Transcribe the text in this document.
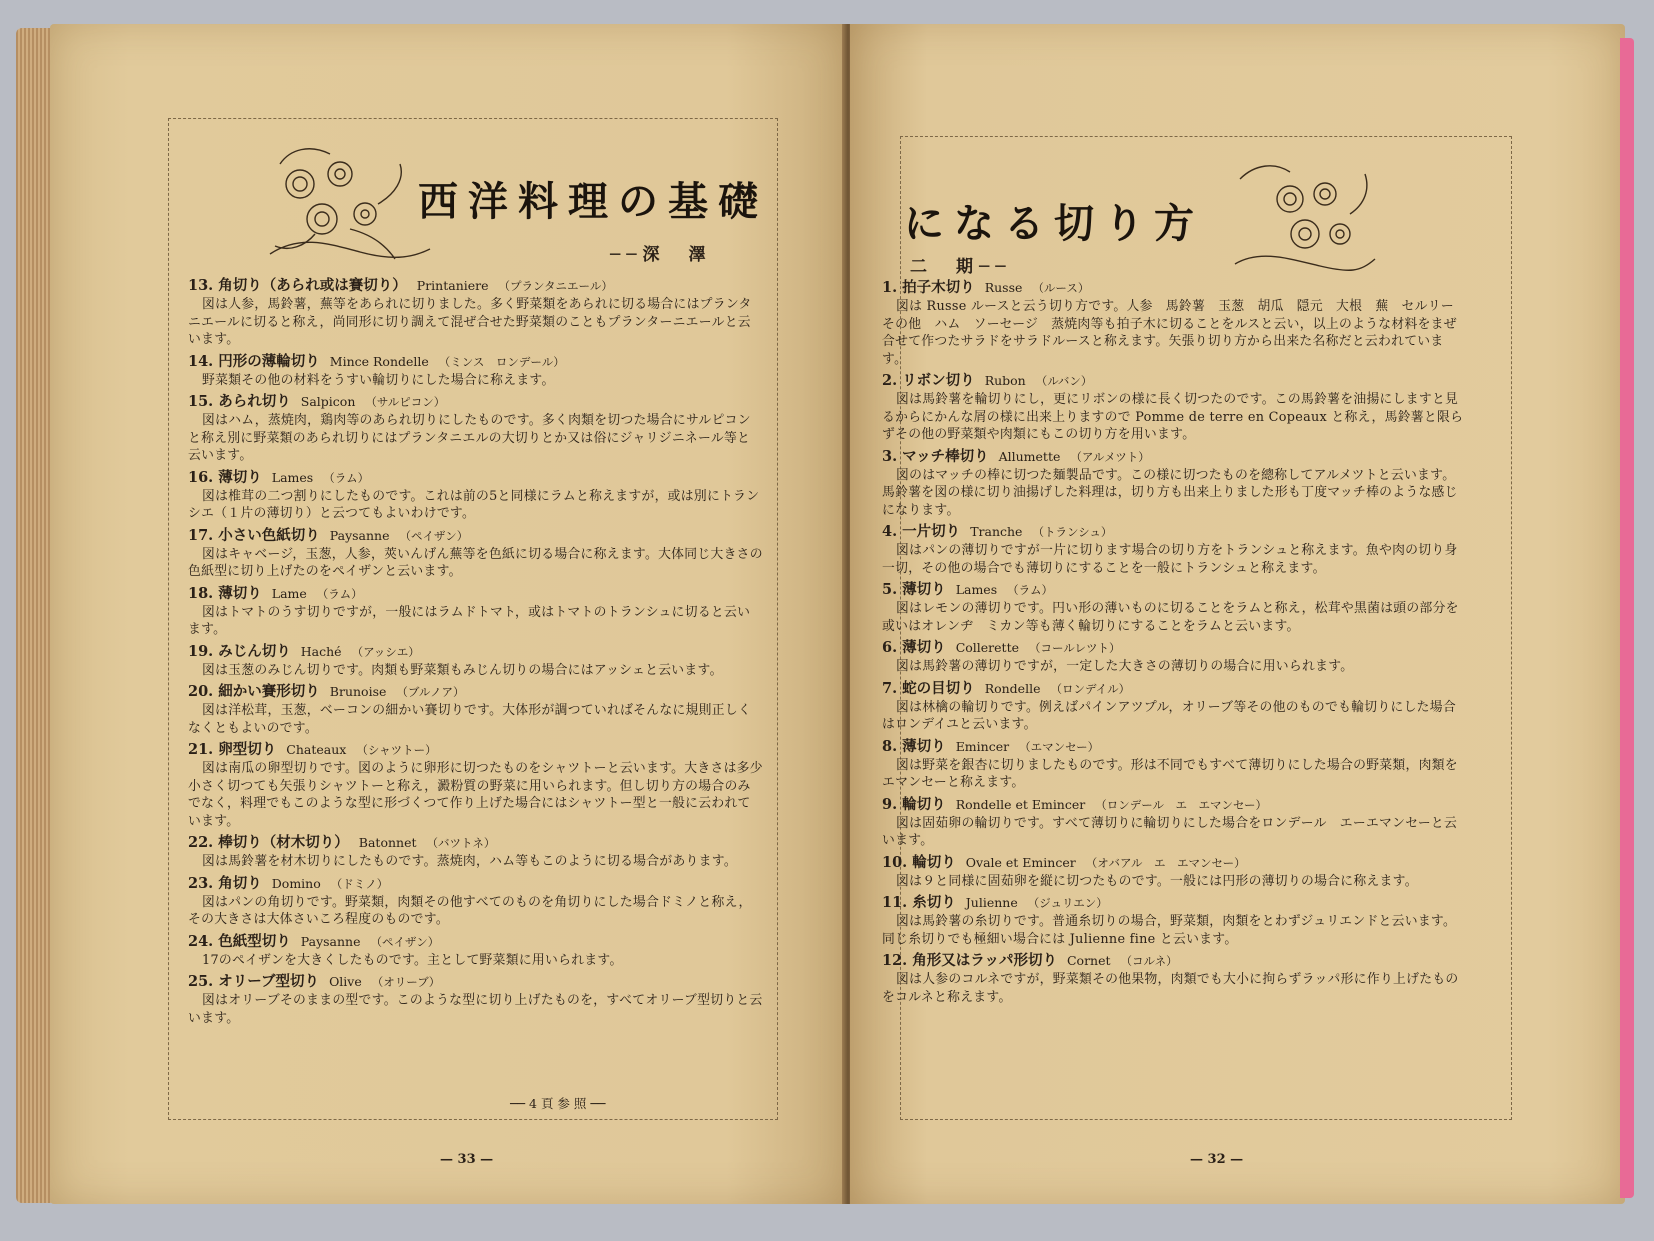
西洋料理の基礎
──深　澤
13. 角切り（あられ或は賽切り） Printaniere （プランタニエール）
図は人参，馬鈴薯，蕪等をあられに切りました。多く野菜類をあられに切る場合にはプランタニエールに切ると称え，尚同形に切り調えて混ぜ合せた野菜類のこともプランターニエールと云います。
14. 円形の薄輪切り Mince Rondelle （ミンス　ロンデール）
野菜類その他の材料をうすい輪切りにした場合に称えます。
15. あられ切り Salpicon （サルピコン）
図はハム，蒸焼肉，鶏肉等のあられ切りにしたものです。多く肉類を切つた場合にサルピコンと称え別に野菜類のあられ切りにはプランタニエルの大切りとか又は俗にジャリジニネール等と云います。
16. 薄切り Lames （ラム）
図は椎茸の二つ割りにしたものです。これは前の5と同様にラムと称えますが，或は別にトランシエ（１片の薄切り）と云つてもよいわけです。
17. 小さい色紙切り Paysanne （ペイザン）
図はキャベージ，玉葱，人参，莢いんげん蕪等を色紙に切る場合に称えます。大体同じ大きさの色紙型に切り上げたのをペイザンと云います。
18. 薄切り Lame （ラム）
図はトマトのうす切りですが，一般にはラムドトマト，或はトマトのトランシュに切ると云います。
19. みじん切り Haché （アッシエ）
図は玉葱のみじん切りです。肉類も野菜類もみじん切りの場合にはアッシェと云います。
20. 細かい賽形切り Brunoise （ブルノア）
図は洋松茸，玉葱，ベーコンの細かい賽切りです。大体形が調つていればそんなに規則正しくなくともよいのです。
21. 卵型切り Chateaux （シャツトー）
図は南瓜の卵型切りです。図のように卵形に切つたものをシャツトーと云います。大きさは多少小さく切つても矢張りシャツトーと称え，澱粉質の野菜に用いられます。但し切り方の場合のみでなく，料理でもこのような型に形づくつて作り上げた場合にはシャツトー型と一般に云われています。
22. 棒切り（材木切り） Batonnet （バツトネ）
図は馬鈴薯を材木切りにしたものです。蒸焼肉，ハム等もこのように切る場合があります。
23. 角切り Domino （ドミノ）
図はパンの角切りです。野菜類，肉類その他すべてのものを角切りにした場合ドミノと称え，その大きさは大体さいころ程度のものです。
24. 色紙型切り Paysanne （ペイザン）
17のペイザンを大きくしたものです。主として野菜類に用いられます。
25. オリーブ型切り Olive （オリーブ）
図はオリーブそのままの型です。このような型に切り上げたものを，すべてオリーブ型切りと云います。
── 4 頁 参 照 ──
— 33 —
になる切り方
二　期──
1. 拍子木切り Russe （ルース）
図は Russe ルースと云う切り方です。人参　馬鈴薯　玉葱　胡瓜　隠元　大根　蕪　セルリー　その他　ハム　ソーセージ　蒸焼肉等も拍子木に切ることをルスと云い，以上のような材料をまぜ合せて作つたサラドをサラドルースと称えます。矢張り切り方から出来た名称だと云われています。
2. リボン切り Rubon （ルバン）
図は馬鈴薯を輪切りにし，更にリボンの様に長く切つたのです。この馬鈴薯を油揚にしますと見るからにかんな屑の様に出来上りますので Pomme de terre en Copeaux と称え，馬鈴薯と限らずその他の野菜類や肉類にもこの切り方を用います。
3. マッチ棒切り Allumette （アルメツト）
図のはマッチの棒に切つた麺製品です。この様に切つたものを總称してアルメツトと云います。馬鈴薯を図の様に切り油揚げした料理は，切り方も出来上りました形も丁度マッチ棒のような感じになります。
4. 一片切り Tranche （トランシュ）
図はパンの薄切りですが一片に切ります場合の切り方をトランシュと称えます。魚や肉の切り身一切，その他の場合でも薄切りにすることを一般にトランシュと称えます。
5. 薄切り Lames （ラム）
図はレモンの薄切りです。円い形の薄いものに切ることをラムと称え，松茸や黒菌は頭の部分を或いはオレンヂ　ミカン等も薄く輪切りにすることをラムと云います。
6. 薄切り Collerette （コールレツト）
図は馬鈴薯の薄切りですが，一定した大きさの薄切りの場合に用いられます。
7. 蛇の目切り Rondelle （ロンデイル）
図は林檎の輪切りです。例えばパインアツプル，オリーブ等その他のものでも輪切りにした場合はロンデイユと云います。
8. 薄切り Emincer （エマンセー）
図は野菜を銀杏に切りましたものです。形は不同でもすべて薄切りにした場合の野菜類，肉類をエマンセーと称えます。
9. 輪切り Rondelle et Emincer （ロンデール　エ　エマンセー）
図は固茹卵の輪切りです。すべて薄切りに輪切りにした場合をロンデール　エーエマンセーと云います。
10. 輪切り Ovale et Emincer （オバアル　エ　エマンセー）
図は９と同様に固茹卵を縦に切つたものです。一般には円形の薄切りの場合に称えます。
11. 糸切り Julienne （ジュリエン）
図は馬鈴薯の糸切りです。普通糸切りの場合，野菜類，肉類をとわずジュリエンドと云います。同じ糸切りでも極細い場合には Julienne fine と云います。
12. 角形又はラッパ形切り Cornet （コルネ）
図は人参のコルネですが，野菜類その他果物，肉類でも大小に拘らずラッパ形に作り上げたものをコルネと称えます。
— 32 —
